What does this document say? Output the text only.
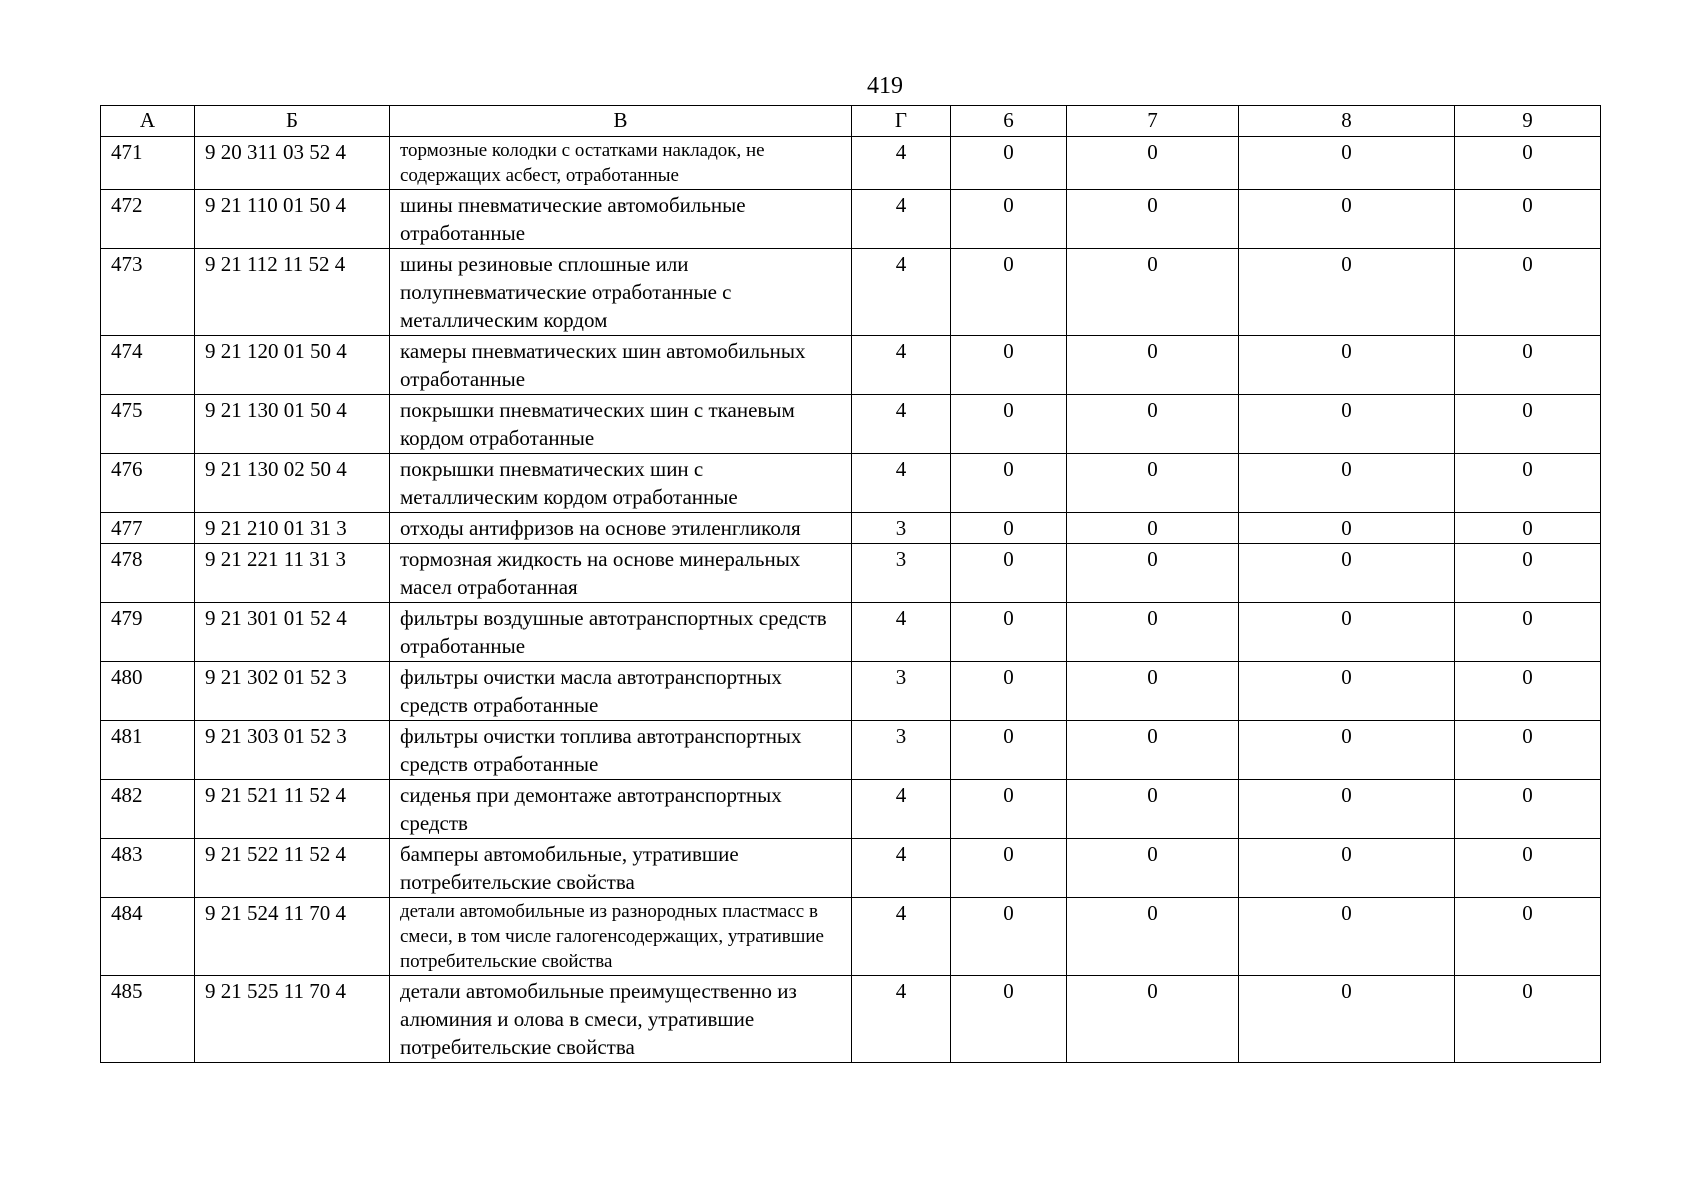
419
А	Б	В	Г	6	7	8	9
471	9 20 311 03 52 4	тормозные колодки с остатками накладок, не содержащих асбест, отработанные	4	0	0	0	0
472	9 21 110 01 50 4	шины пневматические автомобильные отработанные	4	0	0	0	0
473	9 21 112 11 52 4	шины резиновые сплошные или полупневматические отработанные с металлическим кордом	4	0	0	0	0
474	9 21 120 01 50 4	камеры пневматических шин автомобильных отработанные	4	0	0	0	0
475	9 21 130 01 50 4	покрышки пневматических шин с тканевым кордом отработанные	4	0	0	0	0
476	9 21 130 02 50 4	покрышки пневматических шин с металлическим кордом отработанные	4	0	0	0	0
477	9 21 210 01 31 3	отходы антифризов на основе этиленгликоля	3	0	0	0	0
478	9 21 221 11 31 3	тормозная жидкость на основе минеральных масел отработанная	3	0	0	0	0
479	9 21 301 01 52 4	фильтры воздушные автотранспортных средств отработанные	4	0	0	0	0
480	9 21 302 01 52 3	фильтры очистки масла автотранспортных средств отработанные	3	0	0	0	0
481	9 21 303 01 52 3	фильтры очистки топлива автотранспортных средств отработанные	3	0	0	0	0
482	9 21 521 11 52 4	сиденья при демонтаже автотранспортных средств	4	0	0	0	0
483	9 21 522 11 52 4	бамперы автомобильные, утратившие потребительские свойства	4	0	0	0	0
484	9 21 524 11 70 4	детали автомобильные из разнородных пластмасс в смеси, в том числе галогенсодержащих, утратившие потребительские свойства	4	0	0	0	0
485	9 21 525 11 70 4	детали автомобильные преимущественно из алюминия и олова в смеси, утратившие потребительские свойства	4	0	0	0	0
